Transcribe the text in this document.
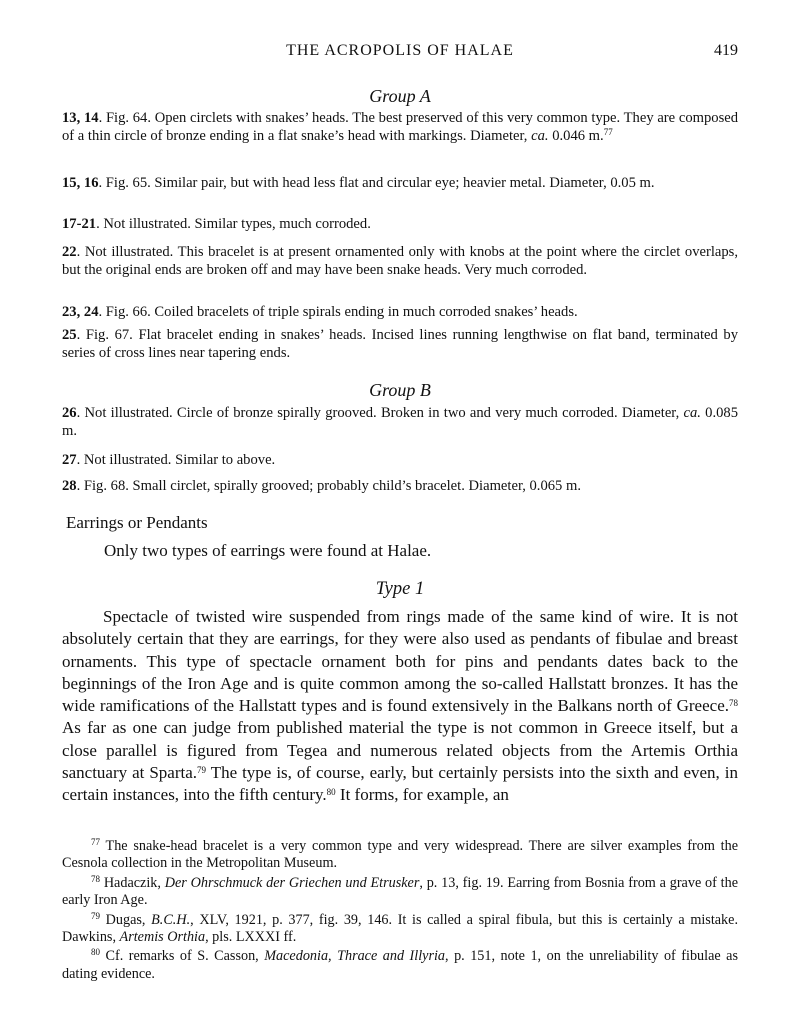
THE ACROPOLIS OF HALAE	419
Group A
13, 14. Fig. 64. Open circlets with snakes’ heads. The best preserved of this very common type. They are composed of a thin circle of bronze ending in a flat snake’s head with markings. Diameter, ca. 0.046 m.$^{77}$
15, 16. Fig. 65. Similar pair, but with head less flat and circular eye; heavier metal. Diameter, 0.05 m.
17-21. Not illustrated. Similar types, much corroded.
22. Not illustrated. This bracelet is at present ornamented only with knobs at the point where the circlet overlaps, but the original ends are broken off and may have been snake heads. Very much corroded.
23, 24. Fig. 66. Coiled bracelets of triple spirals ending in much corroded snakes’ heads.
25. Fig. 67. Flat bracelet ending in snakes’ heads. Incised lines running lengthwise on flat band, terminated by series of cross lines near tapering ends.
Group B
26. Not illustrated. Circle of bronze spirally grooved. Broken in two and very much corroded. Diameter, ca. 0.085 m.
27. Not illustrated. Similar to above.
28. Fig. 68. Small circlet, spirally grooved; probably child’s bracelet. Diameter, 0.065 m.
Earrings or Pendants
Only two types of earrings were found at Halae.
Type 1

Spectacle of twisted wire suspended from rings made of the same kind of wire. It is not absolutely certain that they are earrings, for they were also used as pendants of fibulae and breast ornaments. This type of spectacle ornament both for pins and pendants dates back to the beginnings of the Iron Age and is quite common among the so-called Hallstatt bronzes. It has the wide ramifications of the Hallstatt types and is found extensively in the Balkans north of Greece.$^{78}$ As far as one can judge from published material the type is not common in Greece itself, but a close parallel is figured from Tegea and numerous related objects from the Artemis Orthia sanctuary at Sparta.$^{79}$ The type is, of course, early, but certainly persists into the sixth and even, in certain instances, into the fifth century.$^{80}$ It forms, for example, an

$^{77}$ The snake-head bracelet is a very common type and very widespread. There are silver examples from the Cesnola collection in the Metropolitan Museum.

$^{78}$ Hadaczik, Der Ohrschmuck der Griechen und Etrusker, p. 13, fig. 19. Earring from Bosnia from a grave of the early Iron Age.

$^{79}$ Dugas, B.C.H., XLV, 1921, p. 377, fig. 39, 146. It is called a spiral fibula, but this is certainly a mistake. Dawkins, Artemis Orthia, pls. LXXXI ff.

$^{80}$ Cf. remarks of S. Casson, Macedonia, Thrace and Illyria, p. 151, note 1, on the unreliability of fibulae as dating evidence.
